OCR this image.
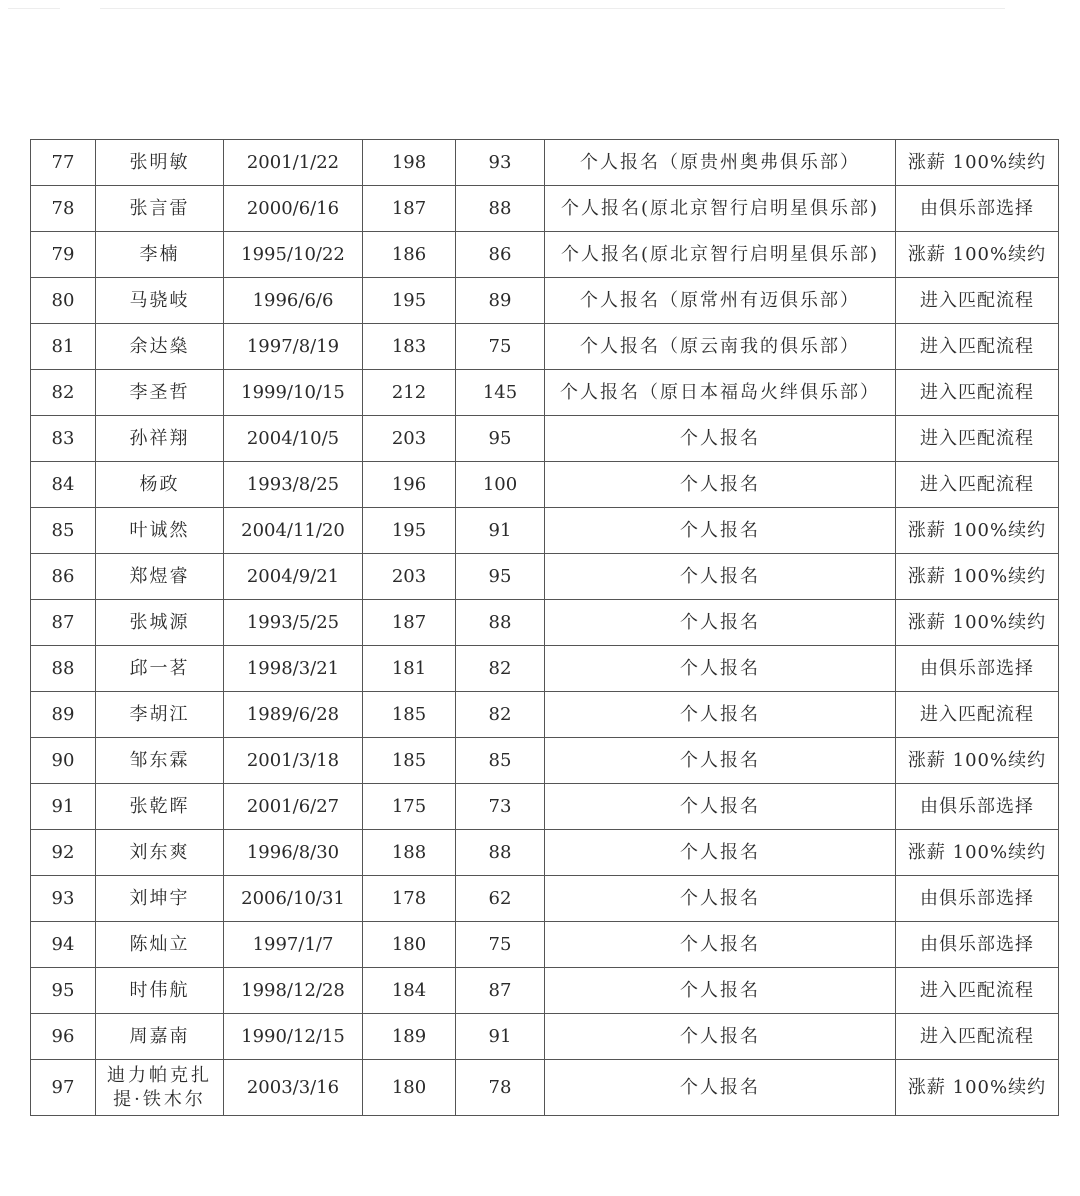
77	张明敏	2001/1/22	198	93	个人报名（原贵州奥弗俱乐部）	涨薪 100%续约
78	张言雷	2000/6/16	187	88	个人报名(原北京智行启明星俱乐部)	由俱乐部选择
79	李楠	1995/10/22	186	86	个人报名(原北京智行启明星俱乐部)	涨薪 100%续约
80	马骁岐	1996/6/6	195	89	个人报名（原常州有迈俱乐部）	进入匹配流程
81	余达燊	1997/8/19	183	75	个人报名（原云南我的俱乐部）	进入匹配流程
82	李圣哲	1999/10/15	212	145	个人报名（原日本福岛火绊俱乐部）	进入匹配流程
83	孙祥翔	2004/10/5	203	95	个人报名	进入匹配流程
84	杨政	1993/8/25	196	100	个人报名	进入匹配流程
85	叶诚然	2004/11/20	195	91	个人报名	涨薪 100%续约
86	郑煜睿	2004/9/21	203	95	个人报名	涨薪 100%续约
87	张城源	1993/5/25	187	88	个人报名	涨薪 100%续约
88	邱一茗	1998/3/21	181	82	个人报名	由俱乐部选择
89	李胡江	1989/6/28	185	82	个人报名	进入匹配流程
90	邹东霖	2001/3/18	185	85	个人报名	涨薪 100%续约
91	张乾晖	2001/6/27	175	73	个人报名	由俱乐部选择
92	刘东爽	1996/8/30	188	88	个人报名	涨薪 100%续约
93	刘坤宇	2006/10/31	178	62	个人报名	由俱乐部选择
94	陈灿立	1997/1/7	180	75	个人报名	由俱乐部选择
95	时伟航	1998/12/28	184	87	个人报名	进入匹配流程
96	周嘉南	1990/12/15	189	91	个人报名	进入匹配流程
97	迪力帕克扎
提·铁木尔	2003/3/16	180	78	个人报名	涨薪 100%续约
